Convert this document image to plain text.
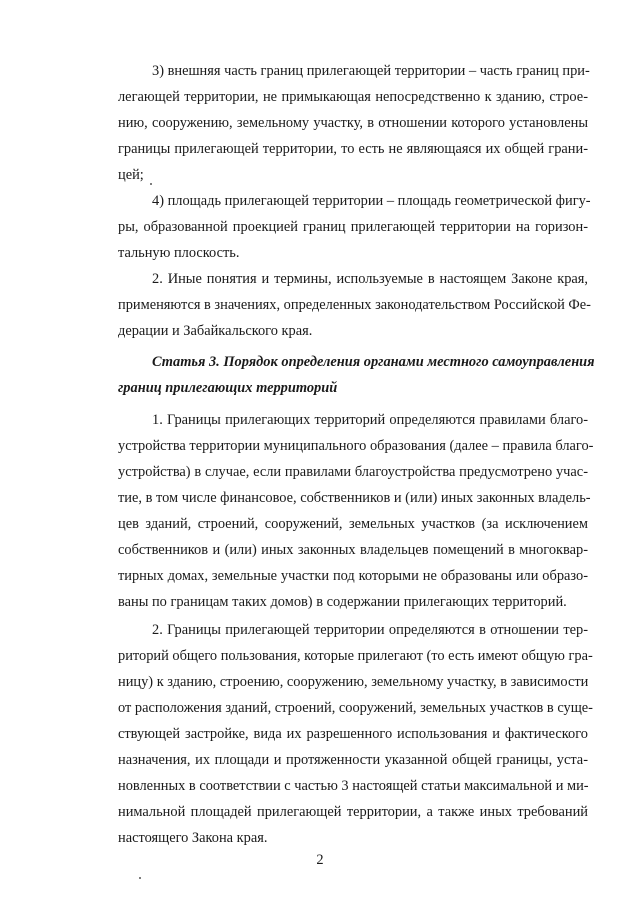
3) внешняя часть границ прилегающей территории – часть границ при-
легающей территории, не примыкающая непосредственно к зданию, строе-
нию, сооружению, земельному участку, в отношении которого установлены
границы прилегающей территории, то есть не являющаяся их общей грани-
цей;
4) площадь прилегающей территории – площадь геометрической фигу-
ры, образованной проекцией границ прилегающей территории на горизон-
тальную плоскость.
2. Иные понятия и термины, используемые в настоящем Законе края,
применяются в значениях, определенных законодательством Российской Фе-
дерации и Забайкальского края.
Статья 3. Порядок определения органами местного самоуправления
границ прилегающих территорий
1. Границы прилегающих территорий определяются правилами благо-
устройства территории муниципального образования (далее – правила благо-
устройства) в случае, если правилами благоустройства предусмотрено учас-
тие, в том числе финансовое, собственников и (или) иных законных владель-
цев зданий, строений, сооружений, земельных участков (за исключением
собственников и (или) иных законных владельцев помещений в многоквар-
тирных домах, земельные участки под которыми не образованы или образо-
ваны по границам таких домов) в содержании прилегающих территорий.
2. Границы прилегающей территории определяются в отношении тер-
риторий общего пользования, которые прилегают (то есть имеют общую гра-
ницу) к зданию, строению, сооружению, земельному участку, в зависимости
от расположения зданий, строений, сооружений, земельных участков в суще-
ствующей застройке, вида их разрешенного использования и фактического
назначения, их площади и протяженности указанной общей границы, уста-
новленных в соответствии с частью 3 настоящей статьи максимальной и ми-
нимальной площадей прилегающей территории, а также иных требований
настоящего Закона края.
2
